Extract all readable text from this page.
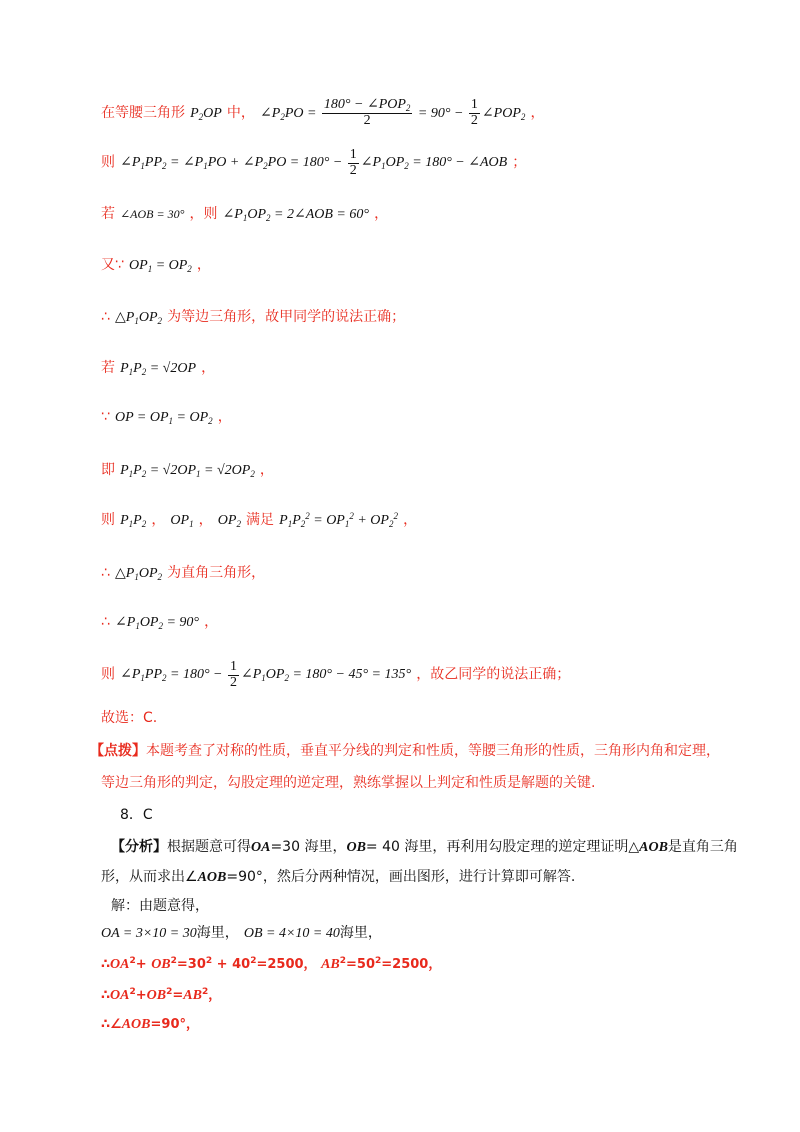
在等腰三角形 $P_2OP$ 中， $\angle P_2PO = \frac{180^\circ - \angle POP_2}{2} = 90^\circ - \frac{1}{2}$ $\angle POP_2$ ，
则 $\angle P_1PP_2$ = $\angle P_1PO$ + $\angle P_2PO = 180^\circ - \frac{1}{2}$ $\angle P_1OP_2 = 180^\circ$ − ∠AOB ；
若 ∠AOB = 30° ，则 $\angle P_1OP_2$ = 2∠AOB = 60° ，
又∵ $OP_1 = OP_2$ ，
∴ $\triangle P_1OP_2$ 为等边三角形，故甲同学的说法正确；
若 $P_1P_2 = √2OP$ ，
∵ OP = $OP_1 = OP_2$ ，
即 $P_1P_2 = √2OP_1 = √2OP_2$ ，
则 $P_1P_2$ ， $OP_1$ ， $OP_2$ 满足 $P_1P_2^2 = OP_1^2 + OP_2^2$ ，
∴ $\triangle P_1OP_2$ 为直角三角形，
∴ $\angle P_1OP_2 = 90^\circ$ ，
则 $\angle P_1PP_2 = 180^\circ - \frac{1}{2}$ $\angle P_1OP_2 = 180^\circ - 45^\circ = 135^\circ$ ，故乙同学的说法正确；
故选：C.
【点拨】本题考查了对称的性质，垂直平分线的判定和性质，等腰三角形的性质，三角形内角和定理，
等边三角形的判定，勾股定理的逆定理，熟练掌握以上判定和性质是解题的关键.
8．C
【分析】根据题意可得OA=30 海里，OB= 40 海里，再利用勾股定理的逆定理证明△AOB是直角三角
形，从而求出∠AOB=90°，然后分两种情况，画出图形，进行计算即可解答.
解：由题意得，
OA = 3×10 = 30海里， OB = 4×10 = 40海里，
$\therefore OA^2+ OB^2=30^2 + 40^2=2500$， $AB^2=50^2=2500$，
$\therefore OA^2+OB^2=AB^2$，
∴∠AOB=90°，
